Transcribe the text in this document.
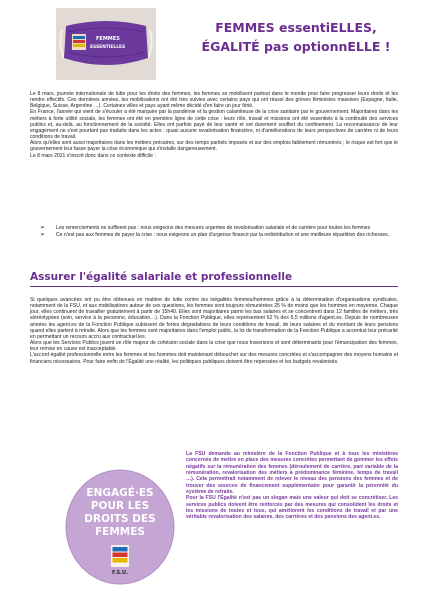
FEMMES
ESSENTIELLES
FEMMES essentiELLES,
ÉGALITÉ pas optionnELLE !

Le 8 mars, journée internationale de lutte pour les droits des femmes, les femmes se mobilisent partout dans le monde pour faire progresser leurs droits et les rendre effectifs. Ces dernières années, les mobilisations ont été très suivies avec certains pays qui ont réussi des grèves féministes massives (Espagne, Italie, Belgique, Suisse, Argentine …). Certaines villes et pays ayant même décidé d'en faire un jour férié.

En France, l'année qui vient de s'écouler a été marquée par la pandémie et la gestion calamiteuse de la crise sanitaire par le gouvernement. Majoritaires dans les métiers à forte utilité sociale, les femmes ont été en première ligne de cette crise : leurs rôle, travail et missions ont été essentiels à la continuité des services publics et, au-delà, au fonctionnement de la société. Elles ont parfois payé de leur santé et ont durement souffert du confinement. La reconnaissance de leur engagement ne s'est pourtant pas traduite dans les actes : quasi aucune revalorisation financière, ni d'améliorations de leurs perspectives de carrière ni de leurs conditions de travail.

Alors qu'elles sont aussi majoritaires dans les métiers précaires, sur des temps partiels imposés et sur des emplois faiblement rémunérés ; le risque est fort que le gouvernement leur fasse payer la crise économique qui s'installe dangereusement.

Le 8 mars 2021 s'inscrit donc dans ce contexte difficile :

➢ Les remerciements ne suffisent pas : nous exigeons des mesures urgentes de revalorisation salariale et de carrière pour toutes les femmes
➢ Ce n'est pas aux femmes de payer la crise : nous exigeons un plan d'urgence financé par la redistribution et une meilleure répartition des richesses.
Assurer l'égalité salariale et professionnelle

Si quelques avancées ont pu être obtenues en matière de lutte contre les inégalités femmes/hommes grâce à la détermination d'organisations syndicales, notamment de la FSU, et aux mobilisations autour de ces questions, les femmes sont toujours rémunérées 25 % de moins que les hommes en moyenne. Chaque jour, elles continuent de travailler gratuitement à partir de 15h40. Elles sont majoritaires parmi les bas salaires et se concentrent dans 12 familles de métiers, très stéréotypées (soin, service à la personne, éducation…). Dans la Fonction Publique, elles représentent 62 % des 5,5 millions d'agent.es. Depuis de nombreuses années les agent.es de la Fonction Publique subissent de fortes dégradations de leurs conditions de travail, de leurs salaires et du montant de leurs pensions quand elles partent à retraite. Alors que les femmes sont majoritaires dans l'emploi public, la loi de transformation de la Fonction Publique a accentué leur précarité en permettant un recours accru aux contractuel.les.

Alors que les Services Publics jouent un rôle majeur de cohésion sociale dans la crise que nous traversons et sont déterminants pour l'émancipation des femmes, leur remise en cause est inacceptable.

L'accord égalité professionnelle entre les femmes et les hommes doit maintenant déboucher sur des mesures concrètes et s'accompagner des moyens humains et financiers nécessaires. Pour faire enfin de l'Égalité une réalité, les politiques publiques doivent être repensées et les budgets revalorisés.

ENGAGÉ·ES
POUR LES
DROITS DES
FEMMES
F.S.U.

La FSU demande au ministère de la Fonction Publique et à tous les ministères concernés de mettre en place des mesures concrètes permettant de gommer les effets négatifs sur la rémunération des femmes (déroulement de carrière, part variable de la rémunération, revalorisation des métiers à prédominance féminine, temps de travail …). Cela permettrait notamment de relever le niveau des pensions des femmes et de trouver des sources de financement supplémentaire pour garantir la pérennité du système de retraite.

Pour la FSU l'Égalité n'est pas un slogan mais une valeur qui doit se concrétiser. Les services publics doivent être renforcés par des mesures qui consolident les droits et les missions de toutes et tous, qui améliorent les conditions de travail et par une véritable revalorisation des salaires, des carrières et des pensions des agent.es.
